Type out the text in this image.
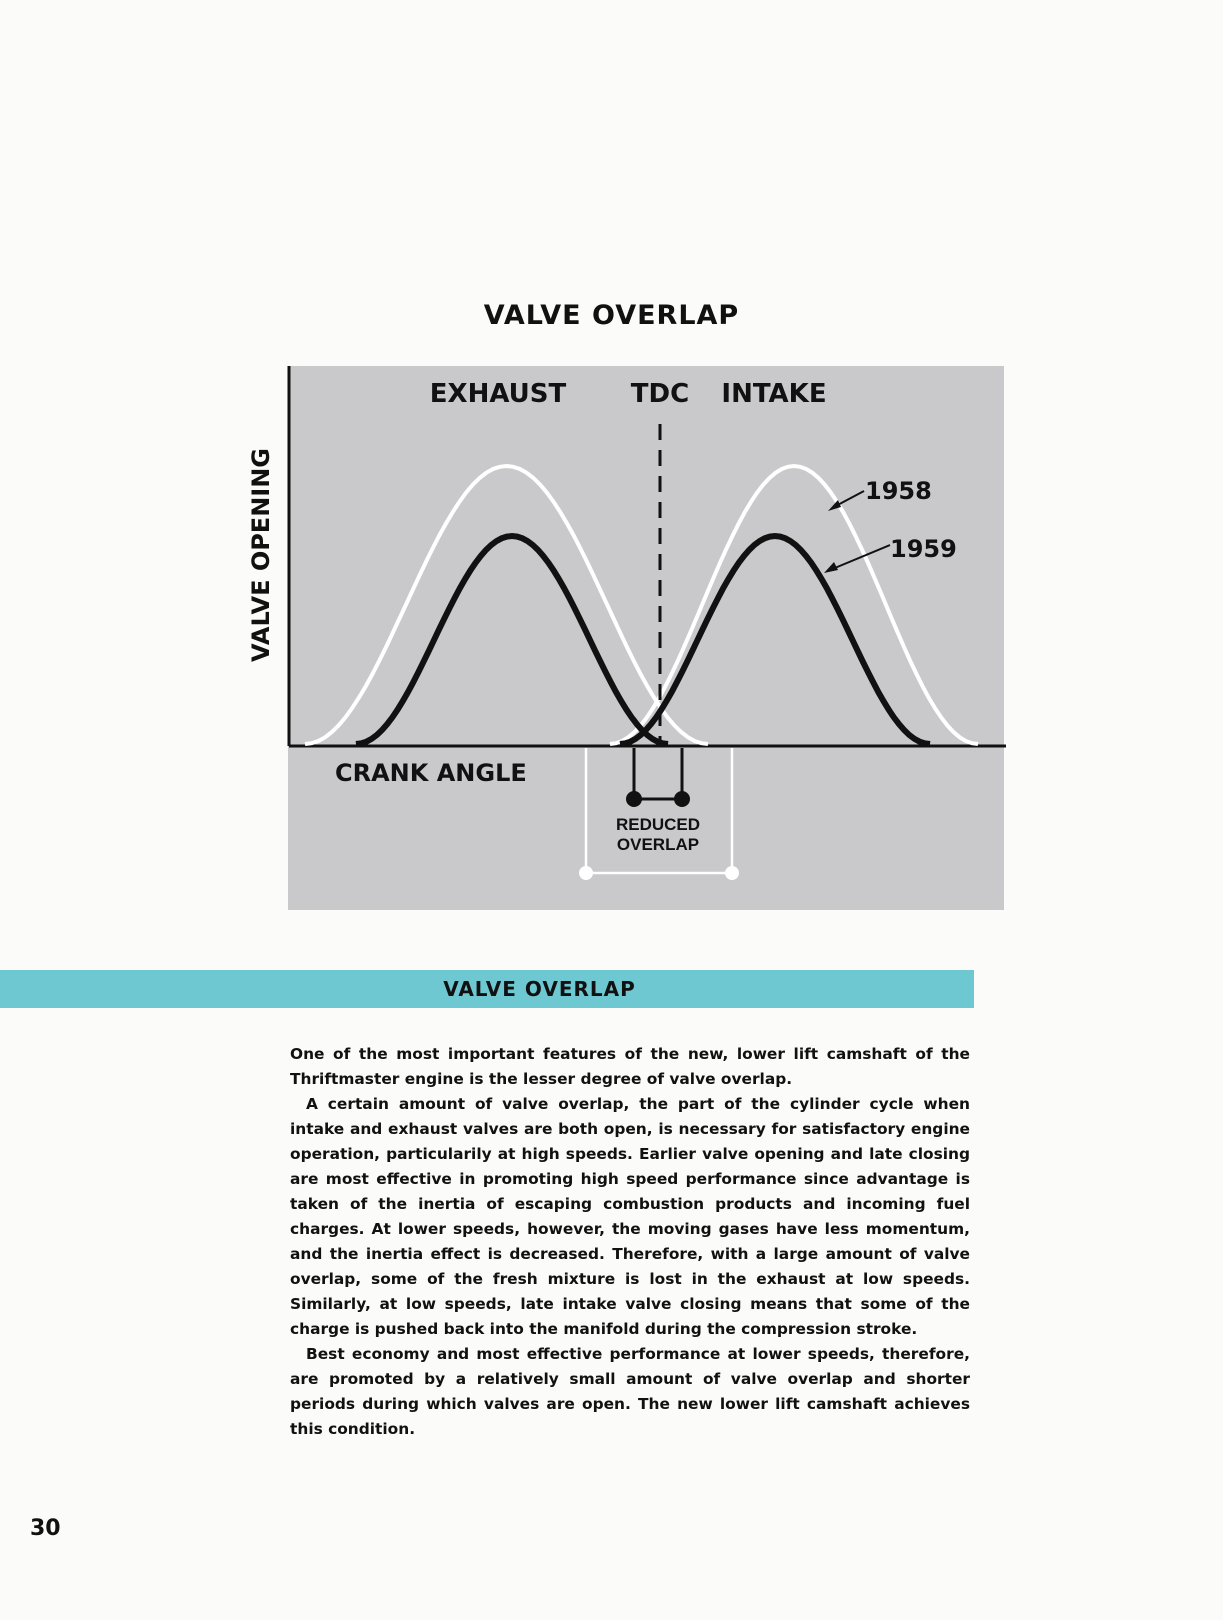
VALVE OVERLAP
EXHAUST TDC INTAKE
1958
1959
CRANK ANGLE
REDUCED
OVERLAP
VALVE OPENING
VALVE OVERLAP

One of the most important features of the new, lower lift camshaft of the Thriftmaster engine is the lesser degree of valve overlap.

A certain amount of valve overlap, the part of the cylinder cycle when intake and exhaust valves are both open, is necessary for satisfactory engine operation, particularily at high speeds. Earlier valve opening and late closing are most effective in promoting high speed performance since advantage is taken of the inertia of escaping combustion products and incoming fuel charges. At lower speeds, however, the moving gases have less momentum, and the inertia effect is decreased. Therefore, with a large amount of valve overlap, some of the fresh mixture is lost in the exhaust at low speeds. Similarly, at low speeds, late intake valve closing means that some of the charge is pushed back into the manifold during the compression stroke.

Best economy and most effective performance at lower speeds, therefore, are promoted by a relatively small amount of valve overlap and shorter periods during which valves are open. The new lower lift camshaft achieves this condition.

30
